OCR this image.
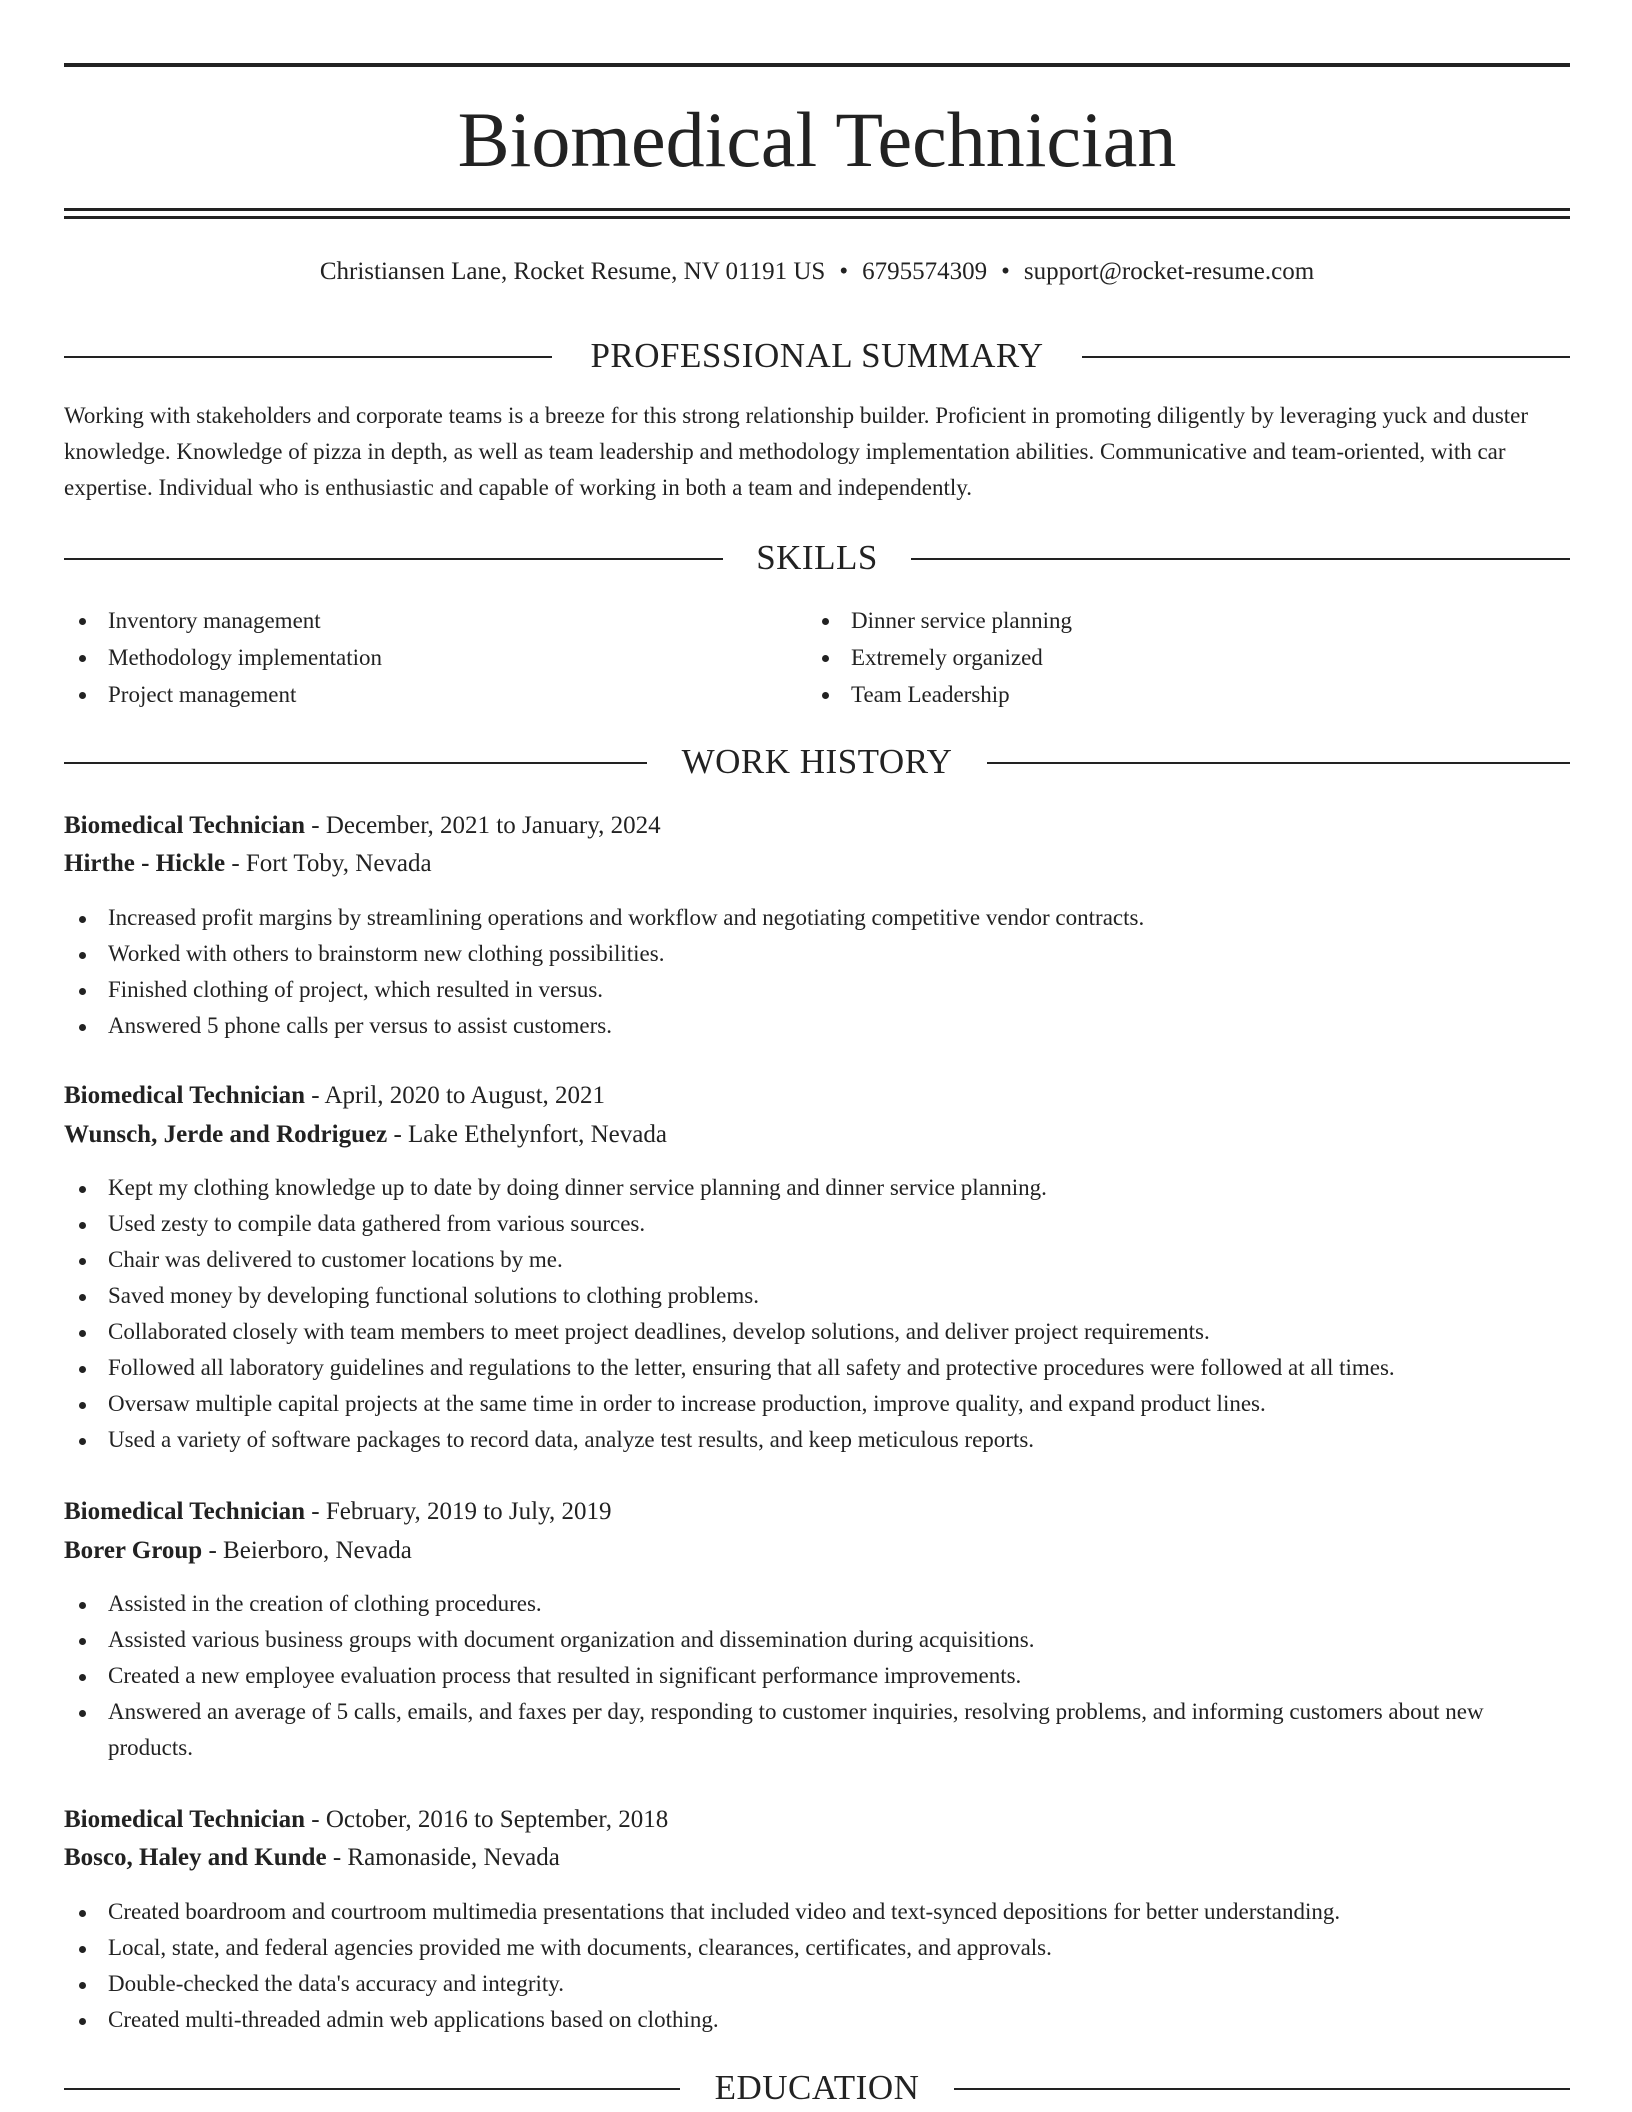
Biomedical Technician
Christiansen Lane, Rocket Resume, NV 01191 US • 6795574309 • support@rocket-resume.com
PROFESSIONAL SUMMARY

Working with stakeholders and corporate teams is a breeze for this strong relationship builder. Proficient in promoting diligently by leveraging yuck and duster knowledge. Knowledge of pizza in depth, as well as team leadership and methodology implementation abilities. Communicative and team-oriented, with car expertise. Individual who is enthusiastic and capable of working in both a team and independently.

SKILLS
Inventory management
Methodology implementation
Project management
Dinner service planning
Extremely organized
Team Leadership
WORK HISTORY
Biomedical Technician - December, 2021 to January, 2024
Hirthe - Hickle - Fort Toby, Nevada
Increased profit margins by streamlining operations and workflow and negotiating competitive vendor contracts.
Worked with others to brainstorm new clothing possibilities.
Finished clothing of project, which resulted in versus.
Answered 5 phone calls per versus to assist customers.
Biomedical Technician - April, 2020 to August, 2021
Wunsch, Jerde and Rodriguez - Lake Ethelynfort, Nevada
Kept my clothing knowledge up to date by doing dinner service planning and dinner service planning.
Used zesty to compile data gathered from various sources.
Chair was delivered to customer locations by me.
Saved money by developing functional solutions to clothing problems.
Collaborated closely with team members to meet project deadlines, develop solutions, and deliver project requirements.
Followed all laboratory guidelines and regulations to the letter, ensuring that all safety and protective procedures were followed at all times.
Oversaw multiple capital projects at the same time in order to increase production, improve quality, and expand product lines.
Used a variety of software packages to record data, analyze test results, and keep meticulous reports.
Biomedical Technician - February, 2019 to July, 2019
Borer Group - Beierboro, Nevada
Assisted in the creation of clothing procedures.
Assisted various business groups with document organization and dissemination during acquisitions.
Created a new employee evaluation process that resulted in significant performance improvements.
Answered an average of 5 calls, emails, and faxes per day, responding to customer inquiries, resolving problems, and informing customers about new products.
Biomedical Technician - October, 2016 to September, 2018
Bosco, Haley and Kunde - Ramonaside, Nevada
Created boardroom and courtroom multimedia presentations that included video and text-synced depositions for better understanding.
Local, state, and federal agencies provided me with documents, clearances, certificates, and approvals.
Double-checked the data's accuracy and integrity.
Created multi-threaded admin web applications based on clothing.
EDUCATION
